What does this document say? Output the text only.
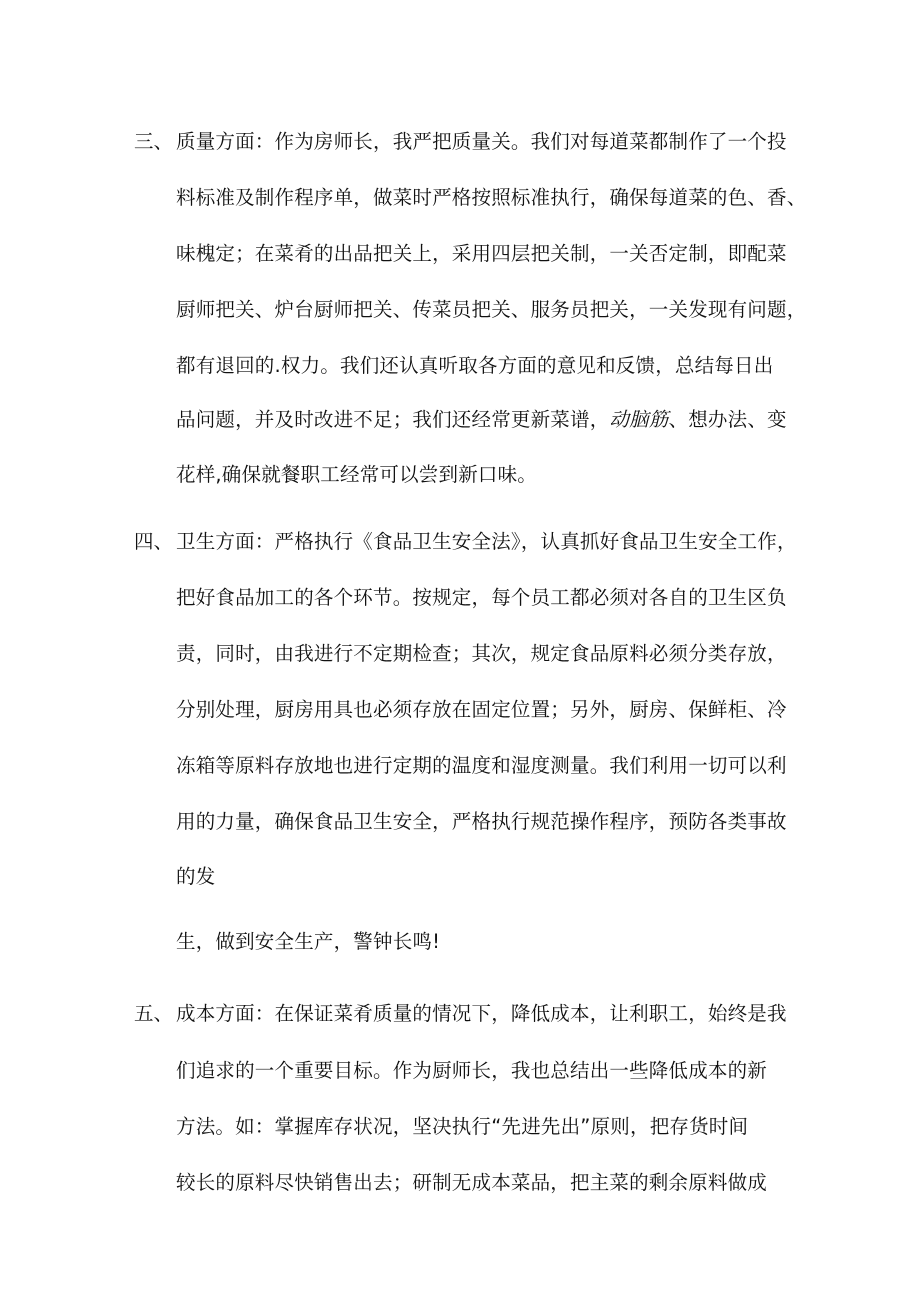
三、 质量方面：作为房师长，我严把质量关。我们对每道菜都制作了一个投
料标准及制作程序单，做菜时严格按照标准执行，确保每道菜的色、香、
味槐定；在菜肴的出品把关上，采用四层把关制，一关否定制，即配菜
厨师把关、炉台厨师把关、传菜员把关、服务员把关，一关发现有问题，
都有退回的.权力。我们还认真听取各方面的意见和反馈，总结每日出
品问题，并及时改进不足；我们还经常更新菜谱，动脑筋、想办法、变
花样,确保就餐职工经常可以尝到新口味。
四、 卫生方面：严格执行《食品卫生安全法》，认真抓好食品卫生安全工作，
把好食品加工的各个环节。按规定，每个员工都必须对各自的卫生区负
责，同时，由我进行不定期检查；其次，规定食品原料必须分类存放，
分别处理，厨房用具也必须存放在固定位置；另外，厨房、保鲜柜、冷
冻箱等原料存放地也进行定期的温度和湿度测量。我们利用一切可以利
用的力量，确保食品卫生安全，严格执行规范操作程序，预防各类事故
的发
生，做到安全生产，警钟长鸣!
五、 成本方面：在保证菜肴质量的情况下，降低成本，让利职工，始终是我
们追求的一个重要目标。作为厨师长，我也总结出一些降低成本的新
方法。如：掌握库存状况，坚决执行“先进先出”原则，把存货时间
较长的原料尽快销售出去；研制无成本菜品，把主菜的剩余原料做成
